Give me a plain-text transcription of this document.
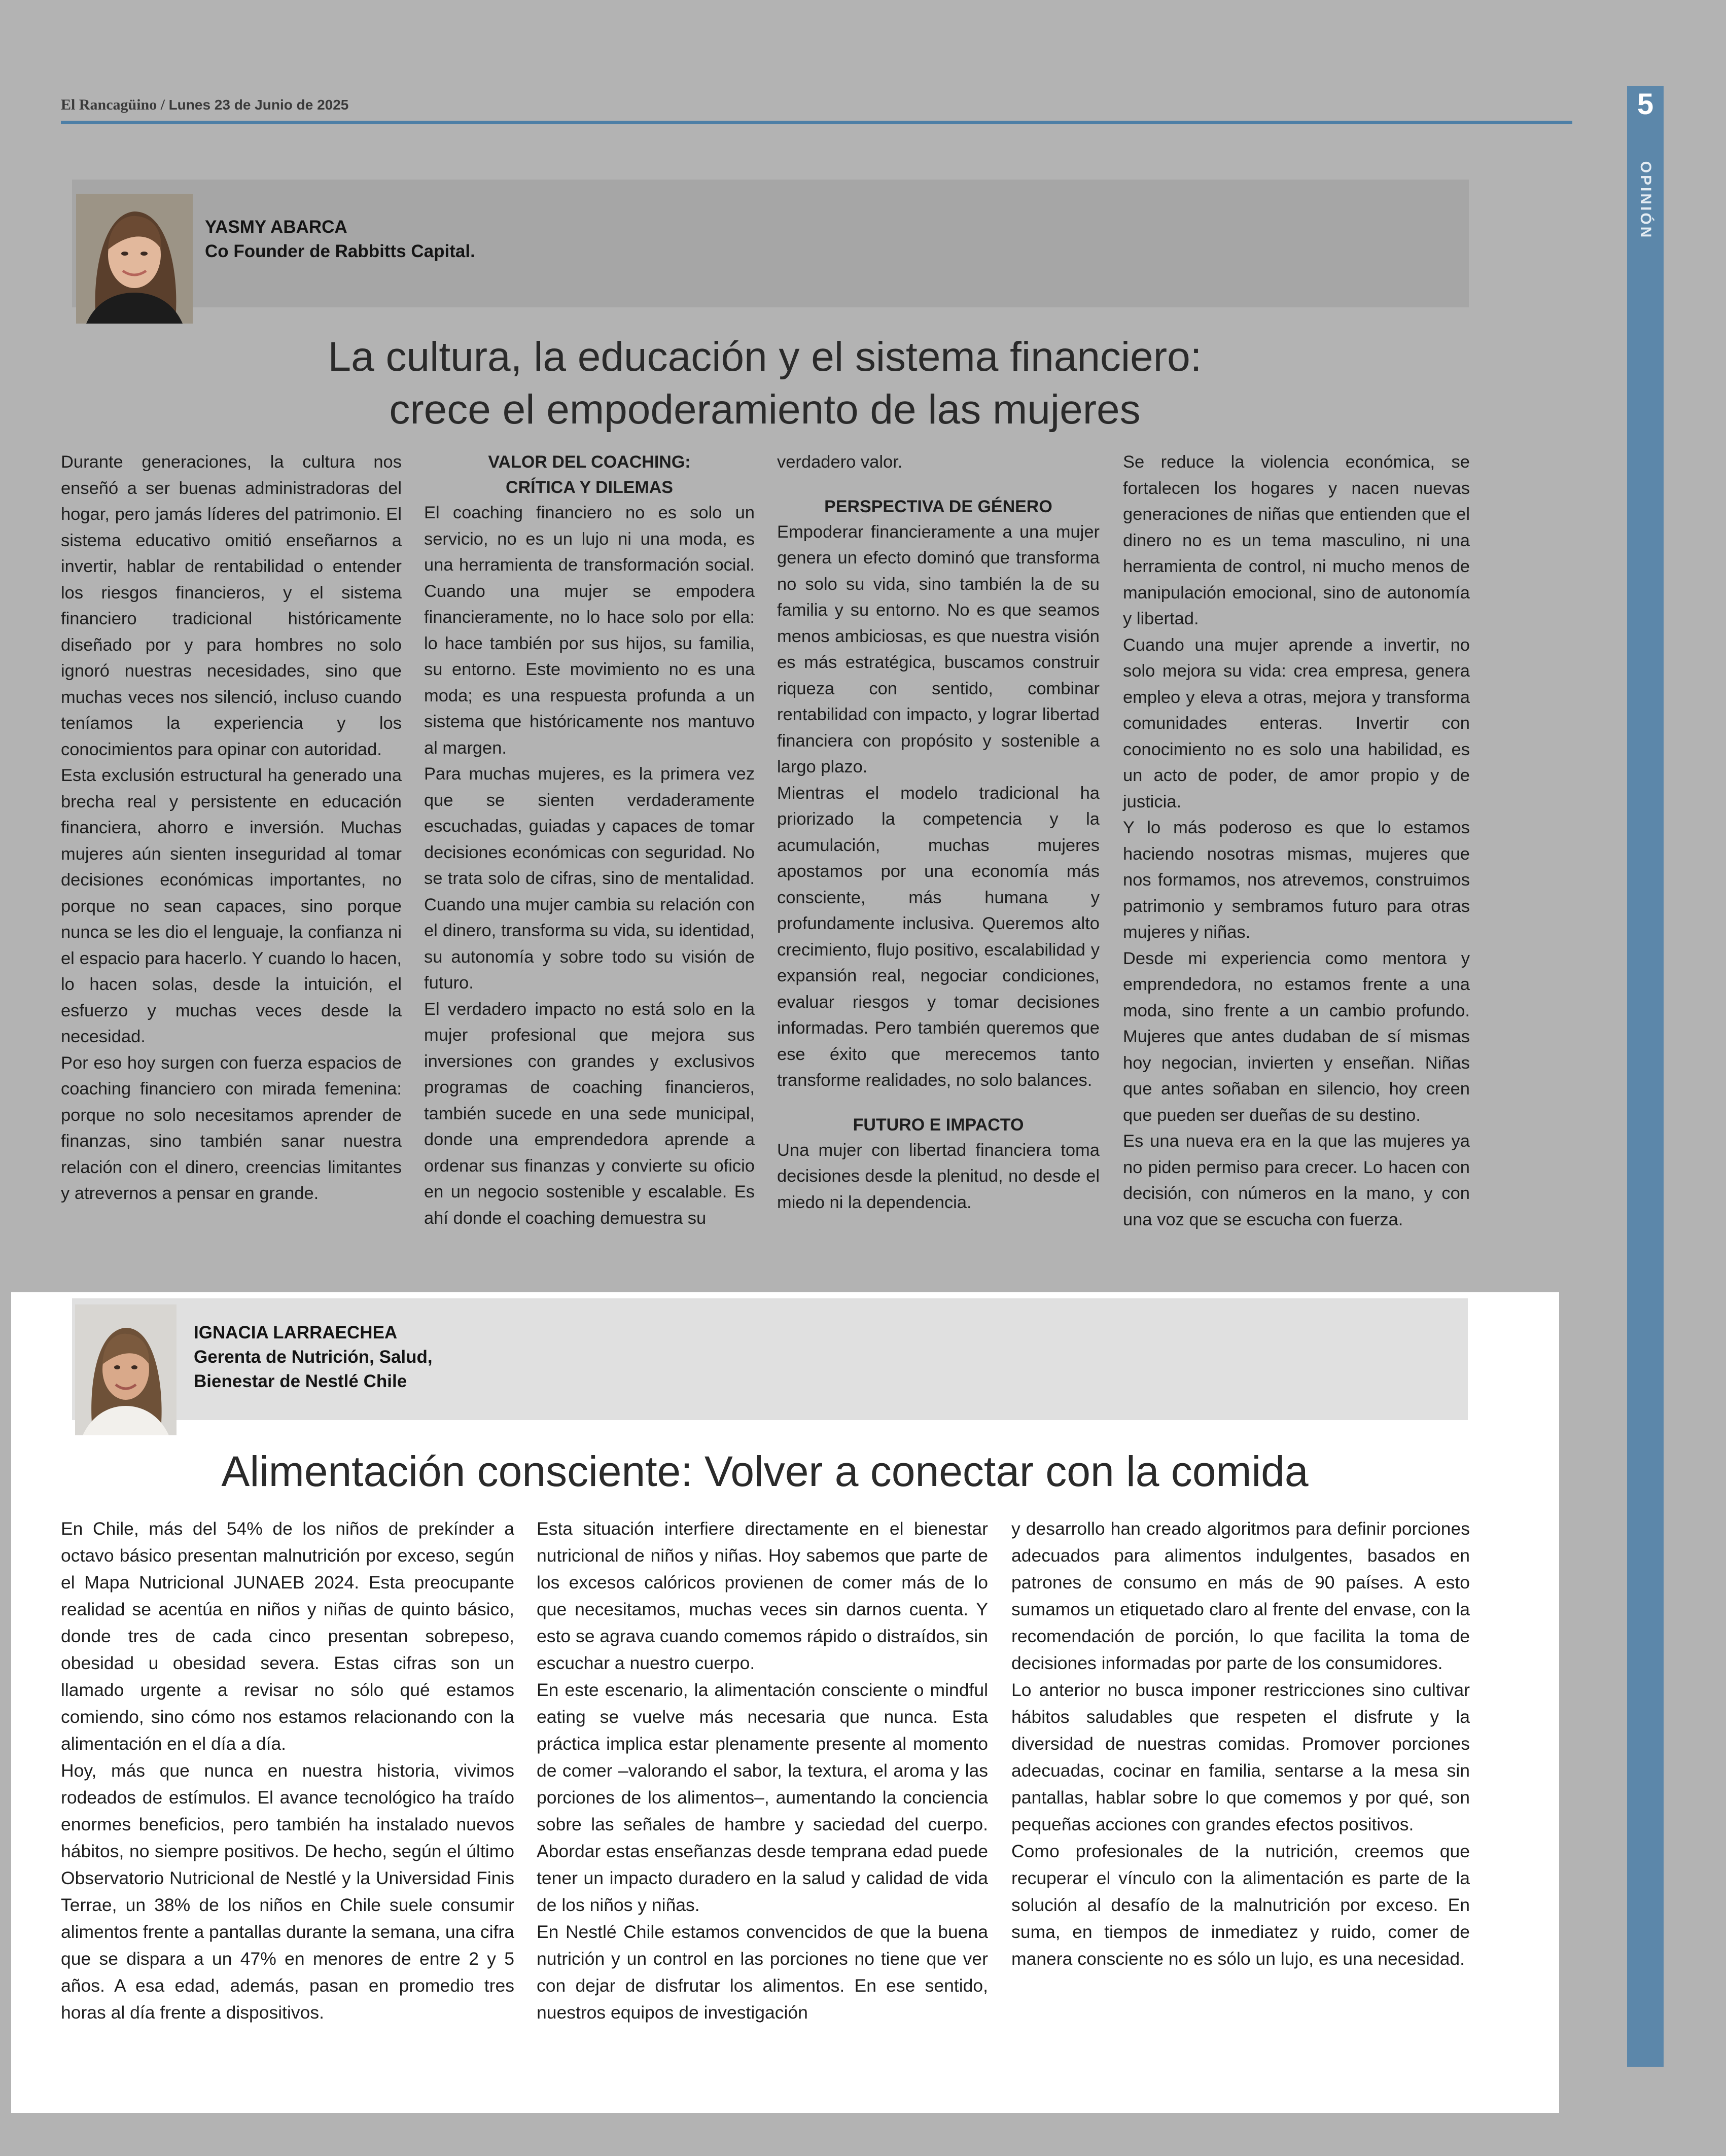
El Rancagüino / Lunes 23 de Junio de 2025	5
OPINIÓN
YASMY ABARCA
Co Founder de Rabbitts Capital.
La cultura, la educación y el sistema financiero:
crece el empoderamiento de las mujeres

Durante generaciones, la cultura nos enseñó a ser buenas administradoras del hogar, pero jamás líderes del patrimonio. El sistema educativo omitió enseñarnos a invertir, hablar de rentabilidad o entender los riesgos financieros, y el sistema financiero tradicional históricamente diseñado por y para hombres no solo ignoró nuestras necesidades, sino que muchas veces nos silenció, incluso cuando teníamos la experiencia y los conocimientos para opinar con autoridad.

Esta exclusión estructural ha generado una brecha real y persistente en educación financiera, ahorro e inversión. Muchas mujeres aún sienten inseguridad al tomar decisiones económicas importantes, no porque no sean capaces, sino porque nunca se les dio el lenguaje, la confianza ni el espacio para hacerlo. Y cuando lo hacen, lo hacen solas, desde la intuición, el esfuerzo y muchas veces desde la necesidad.

Por eso hoy surgen con fuerza espacios de coaching financiero con mirada femenina: porque no solo necesitamos aprender de finanzas, sino también sanar nuestra relación con el dinero, creencias limitantes y atrevernos a pensar en grande.

VALOR DEL COACHING:
CRÍTICA Y DILEMAS

El coaching financiero no es solo un servicio, no es un lujo ni una moda, es una herramienta de transformación social. Cuando una mujer se empodera financieramente, no lo hace solo por ella: lo hace también por sus hijos, su familia, su entorno. Este movimiento no es una moda; es una respuesta profunda a un sistema que históricamente nos mantuvo al margen.

Para muchas mujeres, es la primera vez que se sienten verdaderamente escuchadas, guiadas y capaces de tomar decisiones económicas con seguridad. No se trata solo de cifras, sino de mentalidad. Cuando una mujer cambia su relación con el dinero, transforma su vida, su identidad, su autonomía y sobre todo su visión de futuro.

El verdadero impacto no está solo en la mujer profesional que mejora sus inversiones con grandes y exclusivos programas de coaching financieros, también sucede en una sede municipal, donde una emprendedora aprende a ordenar sus finanzas y convierte su oficio en un negocio sostenible y escalable. Es ahí donde el coaching demuestra su

verdadero valor.

PERSPECTIVA DE GÉNERO

Empoderar financieramente a una mujer genera un efecto dominó que transforma no solo su vida, sino también la de su familia y su entorno. No es que seamos menos ambiciosas, es que nuestra visión es más estratégica, buscamos construir riqueza con sentido, combinar rentabilidad con impacto, y lograr libertad financiera con propósito y sostenible a largo plazo.

Mientras el modelo tradicional ha priorizado la competencia y la acumulación, muchas mujeres apostamos por una economía más consciente, más humana y profundamente inclusiva. Queremos alto crecimiento, flujo positivo, escalabilidad y expansión real, negociar condiciones, evaluar riesgos y tomar decisiones informadas. Pero también queremos que ese éxito que merecemos tanto transforme realidades, no solo balances.

FUTURO E IMPACTO

Una mujer con libertad financiera toma decisiones desde la plenitud, no desde el miedo ni la dependencia.

Se reduce la violencia económica, se fortalecen los hogares y nacen nuevas generaciones de niñas que entienden que el dinero no es un tema masculino, ni una herramienta de control, ni mucho menos de manipulación emocional, sino de autonomía y libertad.

Cuando una mujer aprende a invertir, no solo mejora su vida: crea empresa, genera empleo y eleva a otras, mejora y transforma comunidades enteras. Invertir con conocimiento no es solo una habilidad, es un acto de poder, de amor propio y de justicia.

Y lo más poderoso es que lo estamos haciendo nosotras mismas, mujeres que nos formamos, nos atrevemos, construimos patrimonio y sembramos futuro para otras mujeres y niñas.

Desde mi experiencia como mentora y emprendedora, no estamos frente a una moda, sino frente a un cambio profundo. Mujeres que antes dudaban de sí mismas hoy negocian, invierten y enseñan. Niñas que antes soñaban en silencio, hoy creen que pueden ser dueñas de su destino.

Es una nueva era en la que las mujeres ya no piden permiso para crecer. Lo hacen con decisión, con números en la mano, y con una voz que se escucha con fuerza.

IGNACIA LARRAECHEA
Gerenta de Nutrición, Salud,
Bienestar de Nestlé Chile
Alimentación consciente: Volver a conectar con la comida

En Chile, más del 54% de los niños de prekínder a octavo básico presentan malnutrición por exceso, según el Mapa Nutricional JUNAEB 2024. Esta preocupante realidad se acentúa en niños y niñas de quinto básico, donde tres de cada cinco presentan sobrepeso, obesidad u obesidad severa. Estas cifras son un llamado urgente a revisar no sólo qué estamos comiendo, sino cómo nos estamos relacionando con la alimentación en el día a día.

Hoy, más que nunca en nuestra historia, vivimos rodeados de estímulos. El avance tecnológico ha traído enormes beneficios, pero también ha instalado nuevos hábitos, no siempre positivos. De hecho, según el último Observatorio Nutricional de Nestlé y la Universidad Finis Terrae, un 38% de los niños en Chile suele consumir alimentos frente a pantallas durante la semana, una cifra que se dispara a un 47% en menores de entre 2 y 5 años. A esa edad, además, pasan en promedio tres horas al día frente a dispositivos.

Esta situación interfiere directamente en el bienestar nutricional de niños y niñas. Hoy sabemos que parte de los excesos calóricos provienen de comer más de lo que necesitamos, muchas veces sin darnos cuenta. Y esto se agrava cuando comemos rápido o distraídos, sin escuchar a nuestro cuerpo.

En este escenario, la alimentación consciente o mindful eating se vuelve más necesaria que nunca. Esta práctica implica estar plenamente presente al momento de comer –valorando el sabor, la textura, el aroma y las porciones de los alimentos–, aumentando la conciencia sobre las señales de hambre y saciedad del cuerpo. Abordar estas enseñanzas desde temprana edad puede tener un impacto duradero en la salud y calidad de vida de los niños y niñas.

En Nestlé Chile estamos convencidos de que la buena nutrición y un control en las porciones no tiene que ver con dejar de disfrutar los alimentos. En ese sentido, nuestros equipos de investigación

y desarrollo han creado algoritmos para definir porciones adecuados para alimentos indulgentes, basados en patrones de consumo en más de 90 países. A esto sumamos un etiquetado claro al frente del envase, con la recomendación de porción, lo que facilita la toma de decisiones informadas por parte de los consumidores.

Lo anterior no busca imponer restricciones sino cultivar hábitos saludables que respeten el disfrute y la diversidad de nuestras comidas. Promover porciones adecuadas, cocinar en familia, sentarse a la mesa sin pantallas, hablar sobre lo que comemos y por qué, son pequeñas acciones con grandes efectos positivos.

Como profesionales de la nutrición, creemos que recuperar el vínculo con la alimentación es parte de la solución al desafío de la malnutrición por exceso. En suma, en tiempos de inmediatez y ruido, comer de manera consciente no es sólo un lujo, es una necesidad.
